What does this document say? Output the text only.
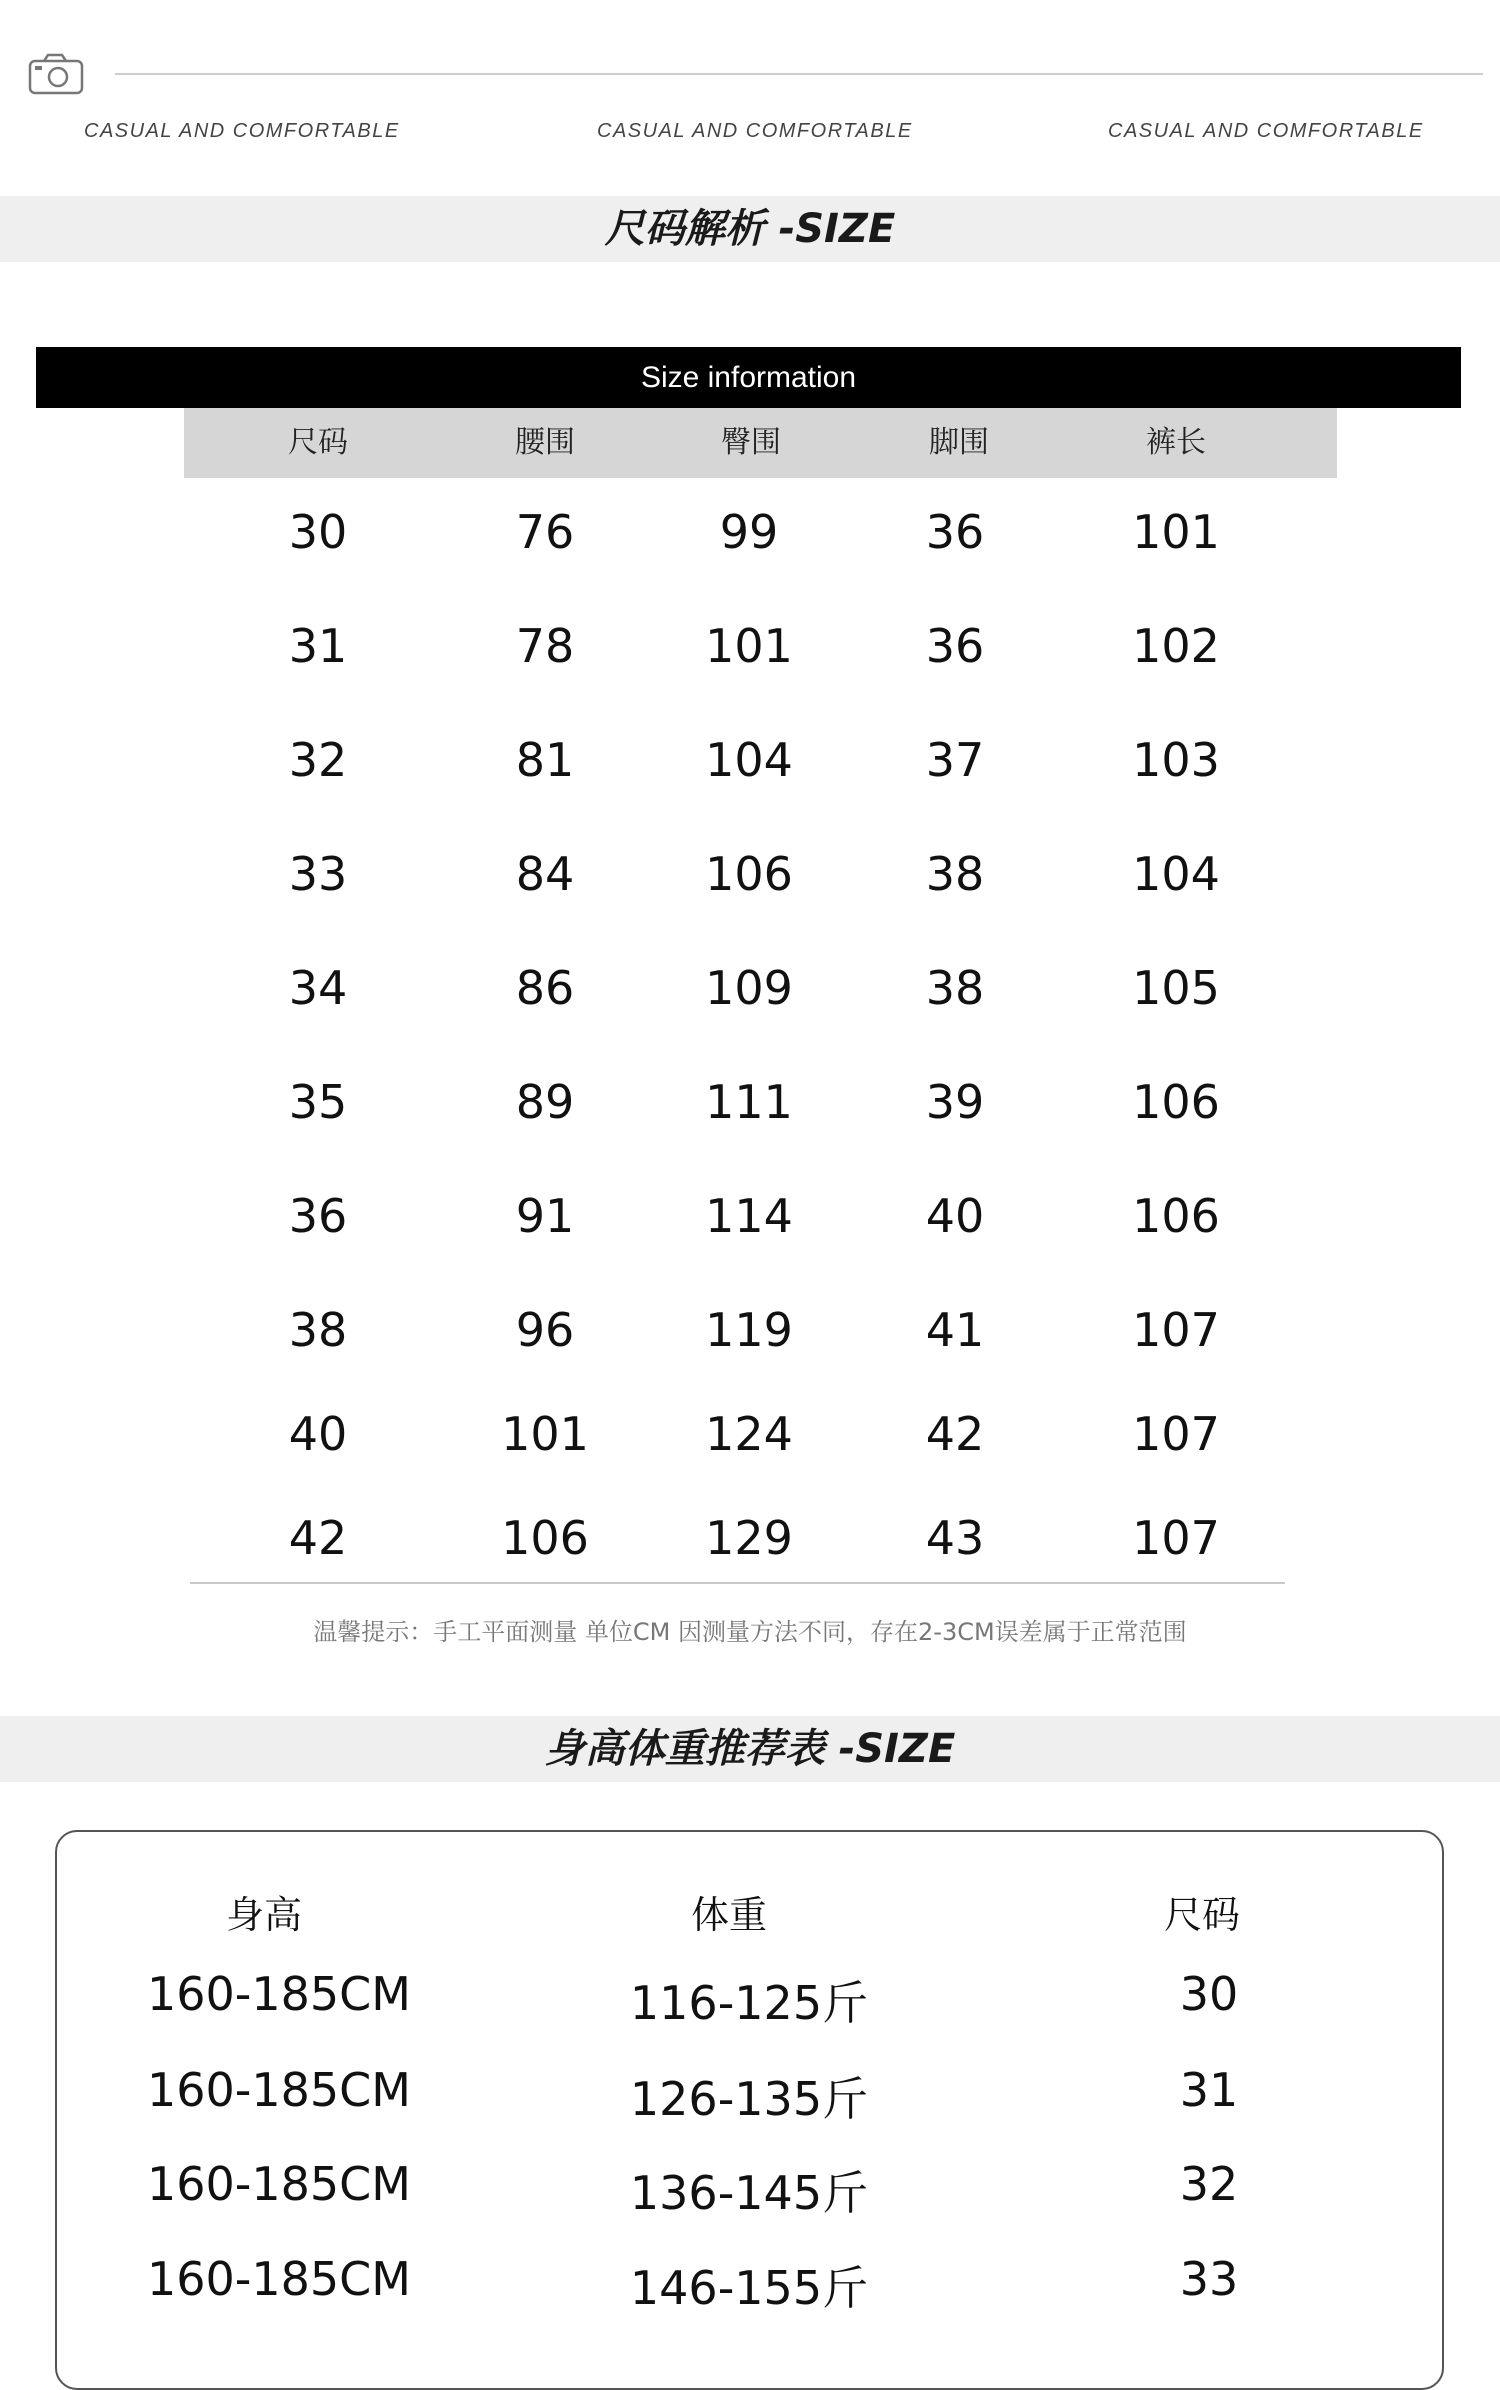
CASUAL AND COMFORTABLE	CASUAL AND COMFORTABLE	CASUAL AND COMFORTABLE
尺码解析 -SIZE
Size information
尺码	腰围	臀围	脚围	裤长
30	76	99	36	101
31	78	101	36	102
32	81	104	37	103
33	84	106	38	104
34	86	109	38	105
35	89	111	39	106
36	91	114	40	106
38	96	119	41	107
40	101	124	42	107
42	106	129	43	107
温馨提示：手工平面测量 单位CM 因测量方法不同，存在2-3CM误差属于正常范围
身高体重推荐表 -SIZE
身高	体重	尺码
160-185CM	116-125斤	30
160-185CM	126-135斤	31
160-185CM	136-145斤	32
160-185CM	146-155斤	33
